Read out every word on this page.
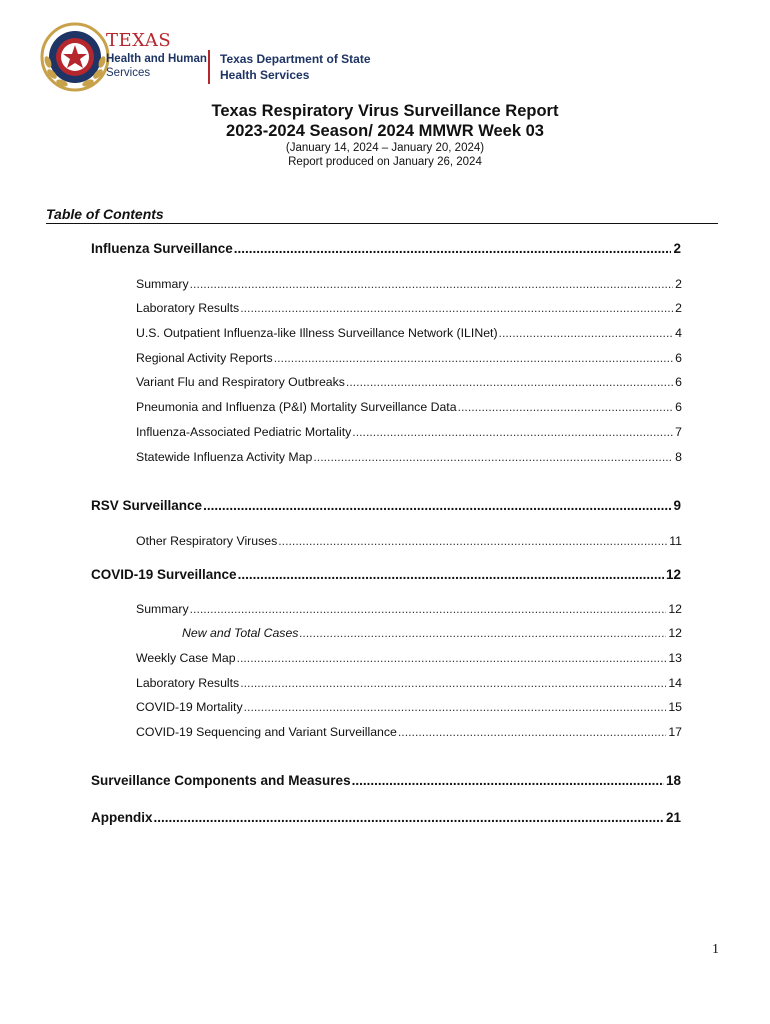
TEXAS
Health and Human
Services
Texas Department of State
Health Services
Texas Respiratory Virus Surveillance Report
2023-2024 Season/ 2024 MMWR Week 03
(January 14, 2024 – January 20, 2024)
Report produced on January 26, 2024
Table of Contents
Influenza Surveillance .....	2
Summary .....	2
Laboratory Results .....	2
U.S. Outpatient Influenza-like Illness Surveillance Network (ILINet) .....	4
Regional Activity Reports .....	6
Variant Flu and Respiratory Outbreaks .....	6
Pneumonia and Influenza (P&I) Mortality Surveillance Data .....	6
Influenza-Associated Pediatric Mortality .....	7
Statewide Influenza Activity Map .....	8
RSV Surveillance .....	9
Other Respiratory Viruses .....	11
COVID-19 Surveillance .....	12
Summary .....	12
New and Total Cases .....	12
Weekly Case Map .....	13
Laboratory Results .....	14
COVID-19 Mortality .....	15
COVID-19 Sequencing and Variant Surveillance .....	17
Surveillance Components and Measures .....	18
Appendix .....	21
1
